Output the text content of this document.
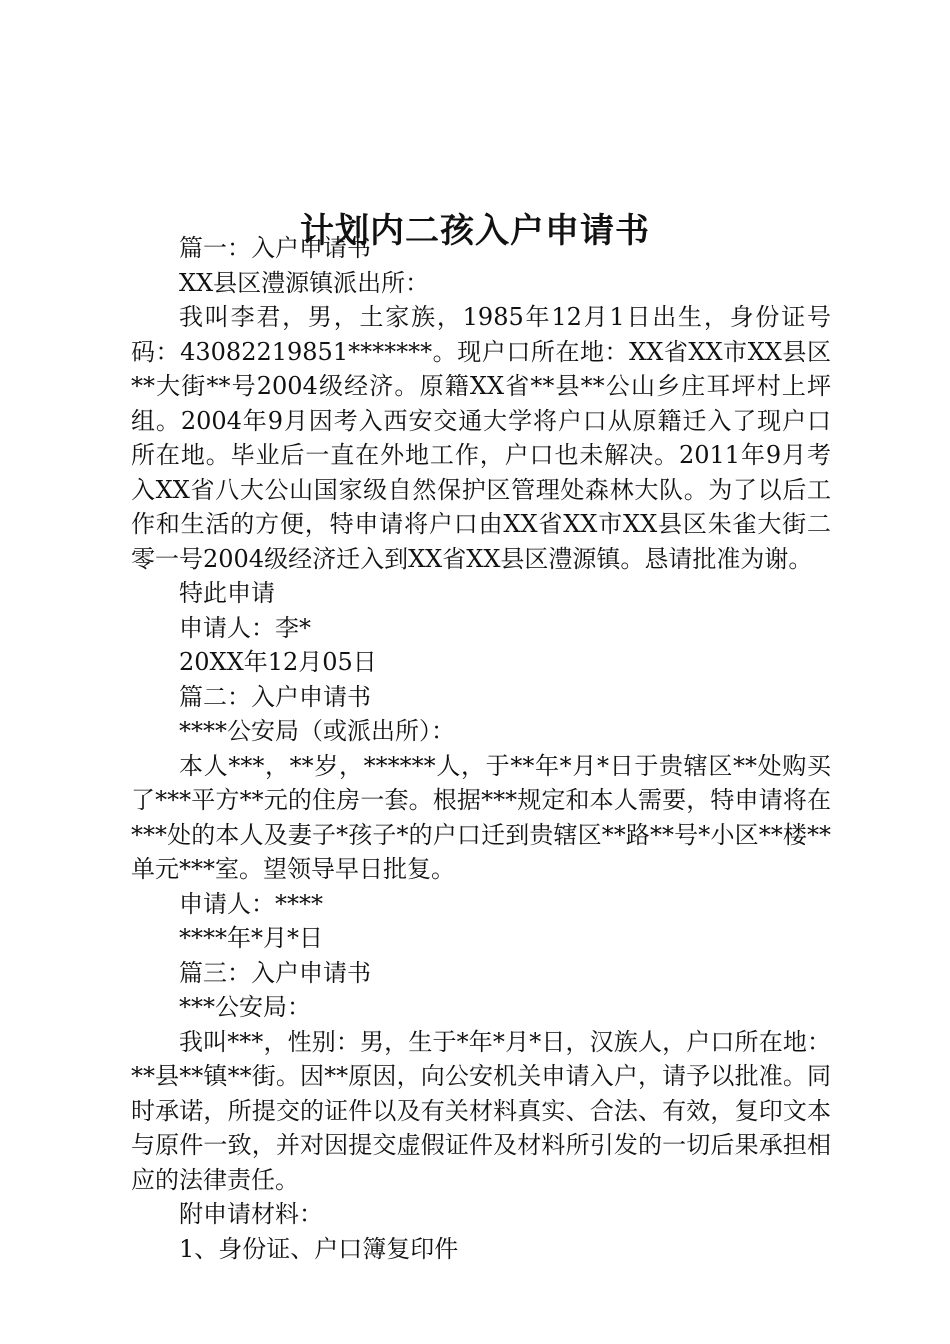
计划内二孩入户申请书

篇一：入户申请书

XX县区澧源镇派出所：

我叫李君，男，土家族，1985年12月1日出生，身份证号码：43082219851*******。现户口所在地：XX省XX市XX县区**大街**号2004级经济。原籍XX省**县**公山乡庄耳坪村上坪组。2004年9月因考入西安交通大学将户口从原籍迁入了现户口所在地。毕业后一直在外地工作，户口也未解决。2011年9月考入XX省八大公山国家级自然保护区管理处森林大队。为了以后工作和生活的方便，特申请将户口由XX省XX市XX县区朱雀大街二零一号2004级经济迁入到XX省XX县区澧源镇。恳请批准为谢。

特此申请

申请人：李*

20XX年12月05日

篇二：入户申请书

****公安局（或派出所）：

本人***，**岁，******人，于**年*月*日于贵辖区**处购买了***平方**元的住房一套。根据***规定和本人需要，特申请将在***处的本人及妻子*孩子*的户口迁到贵辖区**路**号*小区**楼**单元***室。望领导早日批复。

申请人：****

****年*月*日

篇三：入户申请书

***公安局：

我叫***，性别：男，生于*年*月*日，汉族人，户口所在地：**县**镇**街。因**原因，向公安机关申请入户，请予以批准。同时承诺，所提交的证件以及有关材料真实、合法、有效，复印文本与原件一致，并对因提交虚假证件及材料所引发的一切后果承担相应的法律责任。

附申请材料：

1、身份证、户口簿复印件
